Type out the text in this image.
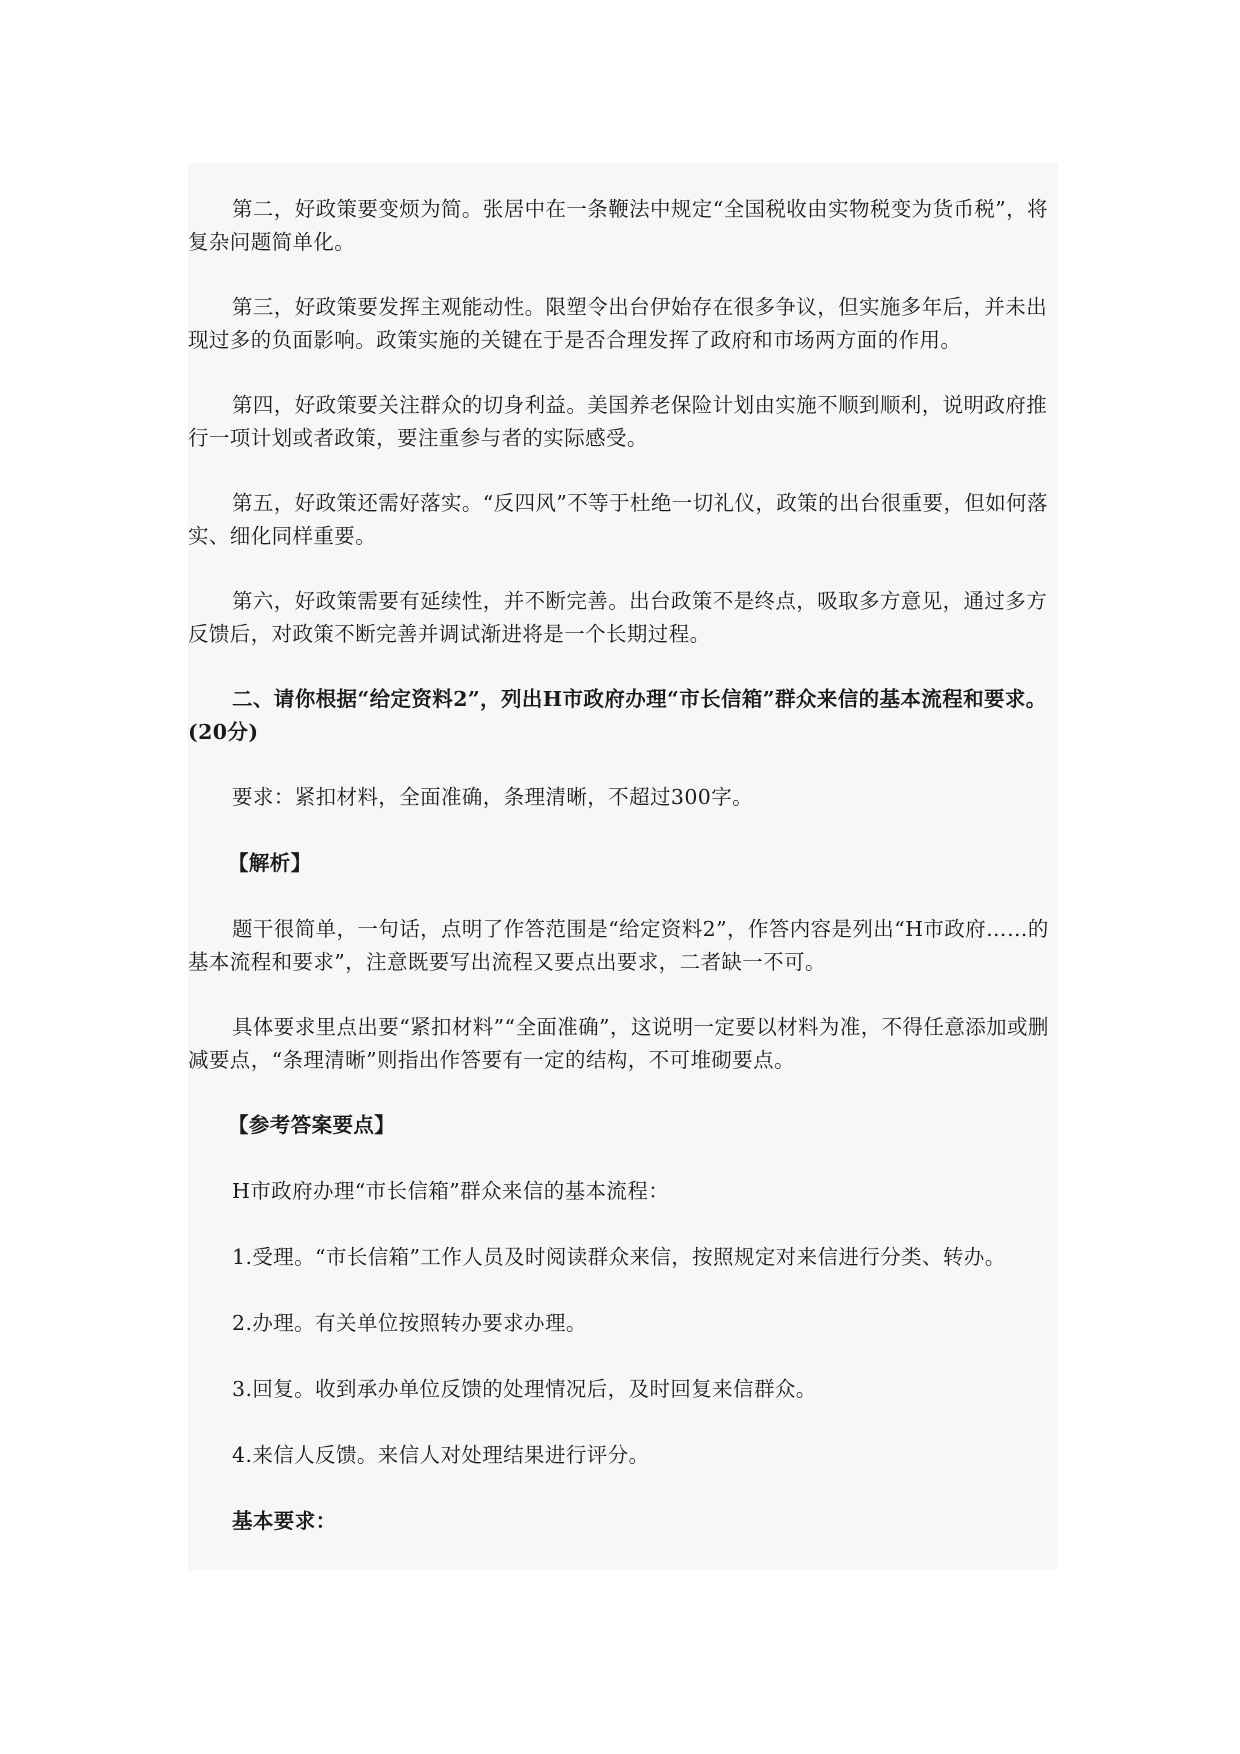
第二，好政策要变烦为简。张居中在一条鞭法中规定“全国税收由实物税变为货币税”，将复杂问题简单化。

第三，好政策要发挥主观能动性。限塑令出台伊始存在很多争议，但实施多年后，并未出现过多的负面影响。政策实施的关键在于是否合理发挥了政府和市场两方面的作用。

第四，好政策要关注群众的切身利益。美国养老保险计划由实施不顺到顺利，说明政府推行一项计划或者政策，要注重参与者的实际感受。

第五，好政策还需好落实。“反四风”不等于杜绝一切礼仪，政策的出台很重要，但如何落实、细化同样重要。

第六，好政策需要有延续性，并不断完善。出台政策不是终点，吸取多方意见，通过多方反馈后，对政策不断完善并调试渐进将是一个长期过程。

二、请你根据“给定资料2”，列出H市政府办理“市长信箱”群众来信的基本流程和要求。(20分)

要求：紧扣材料，全面准确，条理清晰，不超过300字。

【解析】

题干很简单，一句话，点明了作答范围是“给定资料2”，作答内容是列出“H市政府……的基本流程和要求”，注意既要写出流程又要点出要求，二者缺一不可。

具体要求里点出要“紧扣材料”“全面准确”，这说明一定要以材料为准，不得任意添加或删减要点，“条理清晰”则指出作答要有一定的结构，不可堆砌要点。

【参考答案要点】

H市政府办理“市长信箱”群众来信的基本流程：

1.受理。“市长信箱”工作人员及时阅读群众来信，按照规定对来信进行分类、转办。

2.办理。有关单位按照转办要求办理。

3.回复。收到承办单位反馈的处理情况后，及时回复来信群众。

4.来信人反馈。来信人对处理结果进行评分。

基本要求：
